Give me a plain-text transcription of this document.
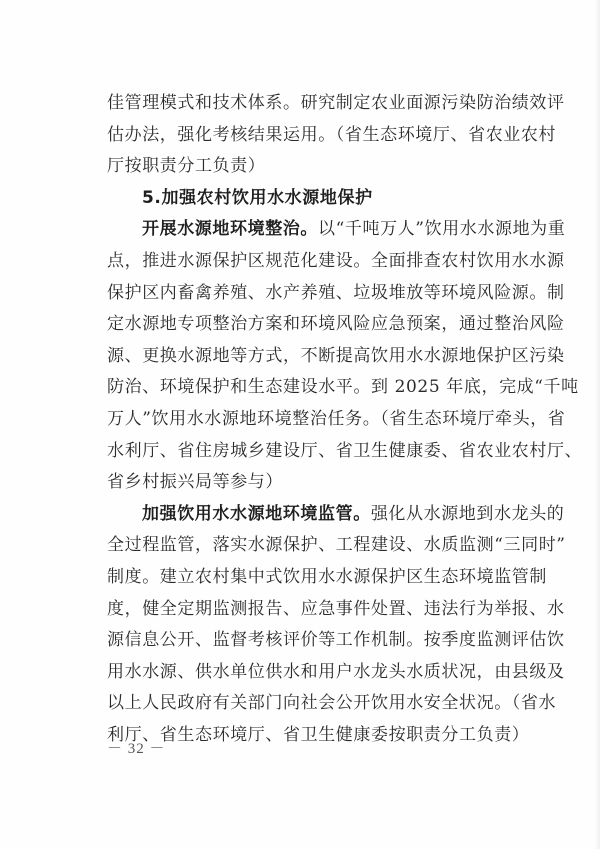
佳管理模式和技术体系。研究制定农业面源污染防治绩效评
估办法，强化考核结果运用。（省生态环境厅、省农业农村
厅按职责分工负责）
5.加强农村饮用水水源地保护
开展水源地环境整治。以“千吨万人”饮用水水源地为重
点，推进水源保护区规范化建设。全面排查农村饮用水水源
保护区内畜禽养殖、水产养殖、垃圾堆放等环境风险源。制
定水源地专项整治方案和环境风险应急预案，通过整治风险
源、更换水源地等方式，不断提高饮用水水源地保护区污染
防治、环境保护和生态建设水平。到 2025 年底，完成“千吨
万人”饮用水水源地环境整治任务。（省生态环境厅牵头，省
水利厅、省住房城乡建设厅、省卫生健康委、省农业农村厅、
省乡村振兴局等参与）
加强饮用水水源地环境监管。强化从水源地到水龙头的
全过程监管，落实水源保护、工程建设、水质监测“三同时”
制度。建立农村集中式饮用水水源保护区生态环境监管制
度，健全定期监测报告、应急事件处置、违法行为举报、水
源信息公开、监督考核评价等工作机制。按季度监测评估饮
用水水源、供水单位供水和用户水龙头水质状况，由县级及
以上人民政府有关部门向社会公开饮用水安全状况。（省水
利厅、省生态环境厅、省卫生健康委按职责分工负责）
－ 32 －
